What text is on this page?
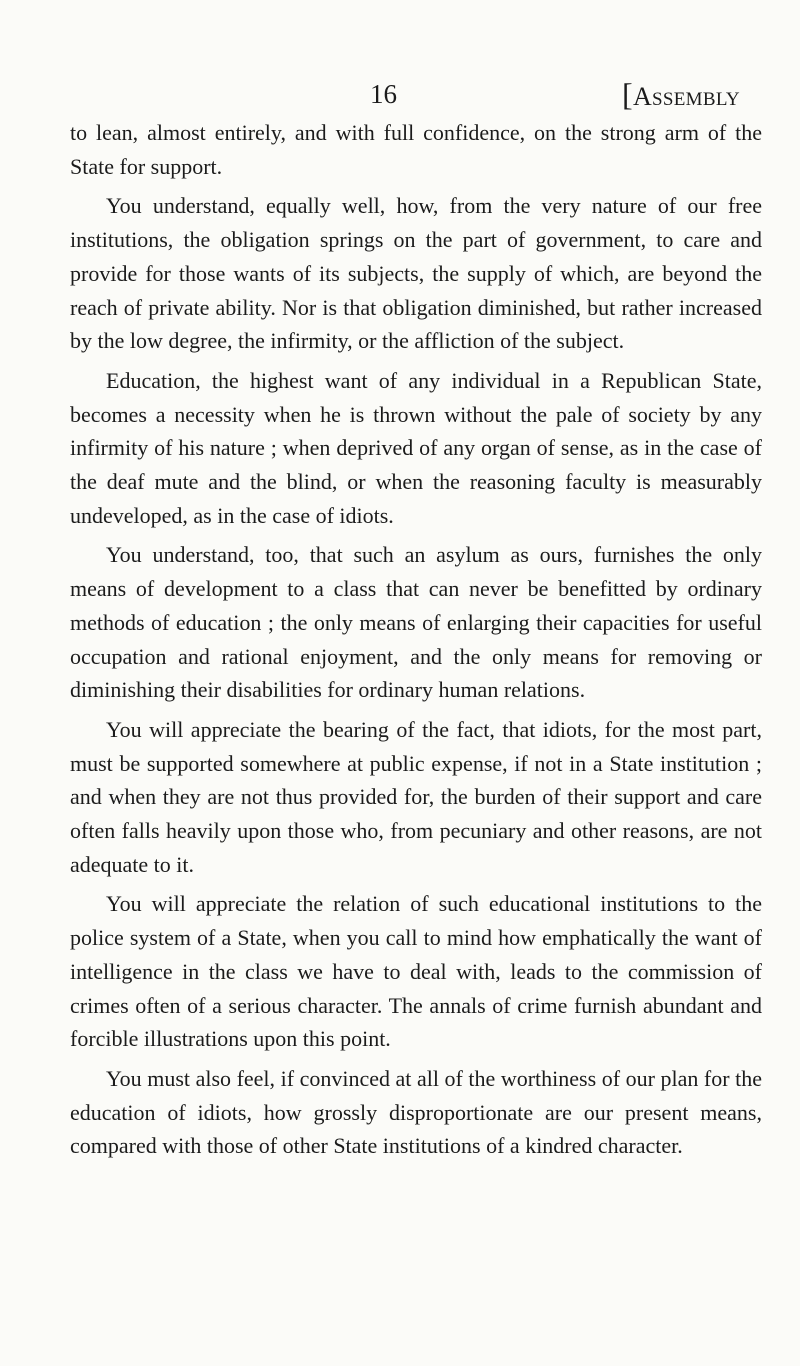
16	[ASSEMBLY

to lean, almost entirely, and with full confidence, on the strong arm of the State for support.

You understand, equally well, how, from the very nature of our free institutions, the obligation springs on the part of government, to care and provide for those wants of its subjects, the supply of which, are beyond the reach of private ability. Nor is that obligation diminished, but rather increased by the low degree, the infirmity, or the affliction of the subject.

Education, the highest want of any individual in a Republican State, becomes a necessity when he is thrown without the pale of society by any infirmity of his nature ; when deprived of any organ of sense, as in the case of the deaf mute and the blind, or when the reasoning faculty is measurably undeveloped, as in the case of idiots.

You understand, too, that such an asylum as ours, furnishes the only means of development to a class that can never be benefitted by ordinary methods of education ; the only means of enlarging their capacities for useful occupation and rational enjoyment, and the only means for removing or diminishing their disabilities for ordinary human relations.

You will appreciate the bearing of the fact, that idiots, for the most part, must be supported somewhere at public expense, if not in a State institution ; and when they are not thus provided for, the burden of their support and care often falls heavily upon those who, from pecuniary and other reasons, are not adequate to it.

You will appreciate the relation of such educational institutions to the police system of a State, when you call to mind how emphatically the want of intelligence in the class we have to deal with, leads to the commission of crimes often of a serious character. The annals of crime furnish abundant and forcible illustrations upon this point.

You must also feel, if convinced at all of the worthiness of our plan for the education of idiots, how grossly disproportionate are our present means, compared with those of other State institutions of a kindred character.
